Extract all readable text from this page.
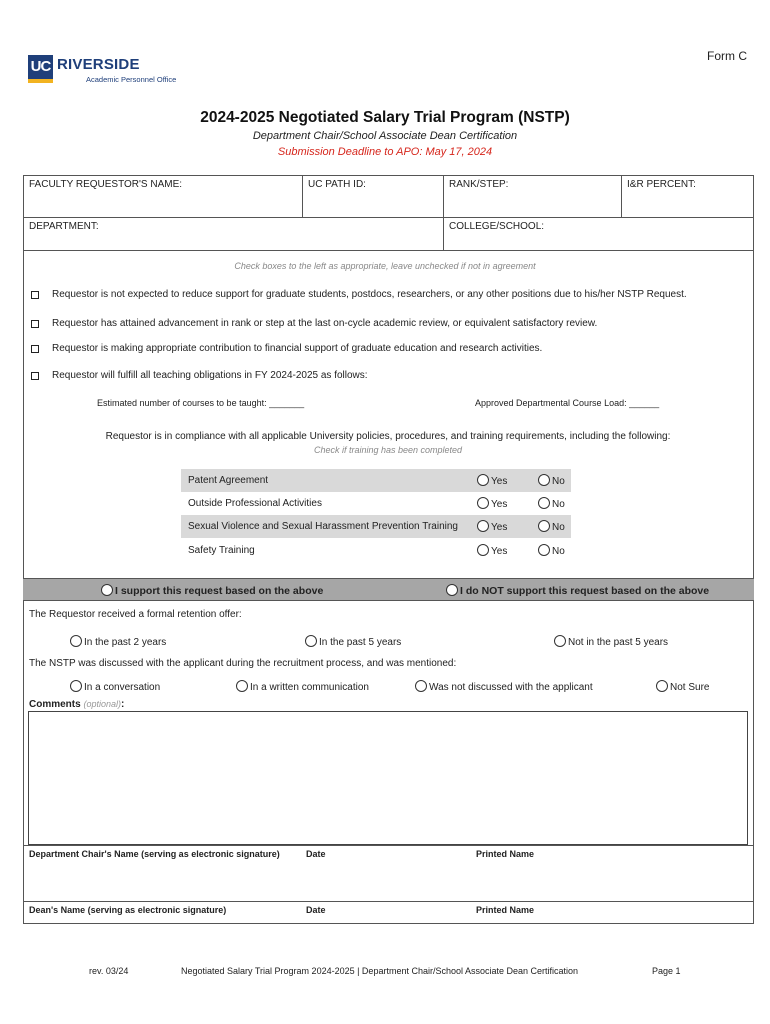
Form C
UC RIVERSIDE
Academic Personnel Office
2024-2025 Negotiated Salary Trial Program (NSTP)
Department Chair/School Associate Dean Certification
Submission Deadline to APO: May 17, 2024
FACULTY REQUESTOR'S NAME:	UC PATH ID:	RANK/STEP:	I&R PERCENT:
DEPARTMENT:	COLLEGE/SCHOOL:
Check boxes to the left as appropriate, leave unchecked if not in agreement
Requestor is not expected to reduce support for graduate students, postdocs, researchers, or any other positions due to his/her NSTP Request.
Requestor has attained advancement in rank or step at the last on-cycle academic review, or equivalent satisfactory review.
Requestor is making appropriate contribution to financial support of graduate education and research activities.
Requestor will fulfill all teaching obligations in FY 2024-2025 as follows:
Estimated number of courses to be taught: _______	Approved Departmental Course Load: ______
Requestor is in compliance with all applicable University policies, procedures, and training requirements, including the following:
Check if training has been completed
Patent Agreement	Yes	No
Outside Professional Activities	Yes	No
Sexual Violence and Sexual Harassment Prevention Training	Yes	No
Safety Training	Yes	No
I support this request based on the above	I do NOT support this request based on the above
The Requestor received a formal retention offer:
In the past 2 years	In the past 5 years	Not in the past 5 years
The NSTP was discussed with the applicant during the recruitment process, and was mentioned:
In a conversation	In a written communication	Was not discussed with the applicant	Not Sure
Comments (optional):
Department Chair's Name (serving as electronic signature)	Date	Printed Name
Dean's Name (serving as electronic signature)	Date	Printed Name
rev. 03/24	Negotiated Salary Trial Program 2024-2025 | Department Chair/School Associate Dean Certification	Page 1
